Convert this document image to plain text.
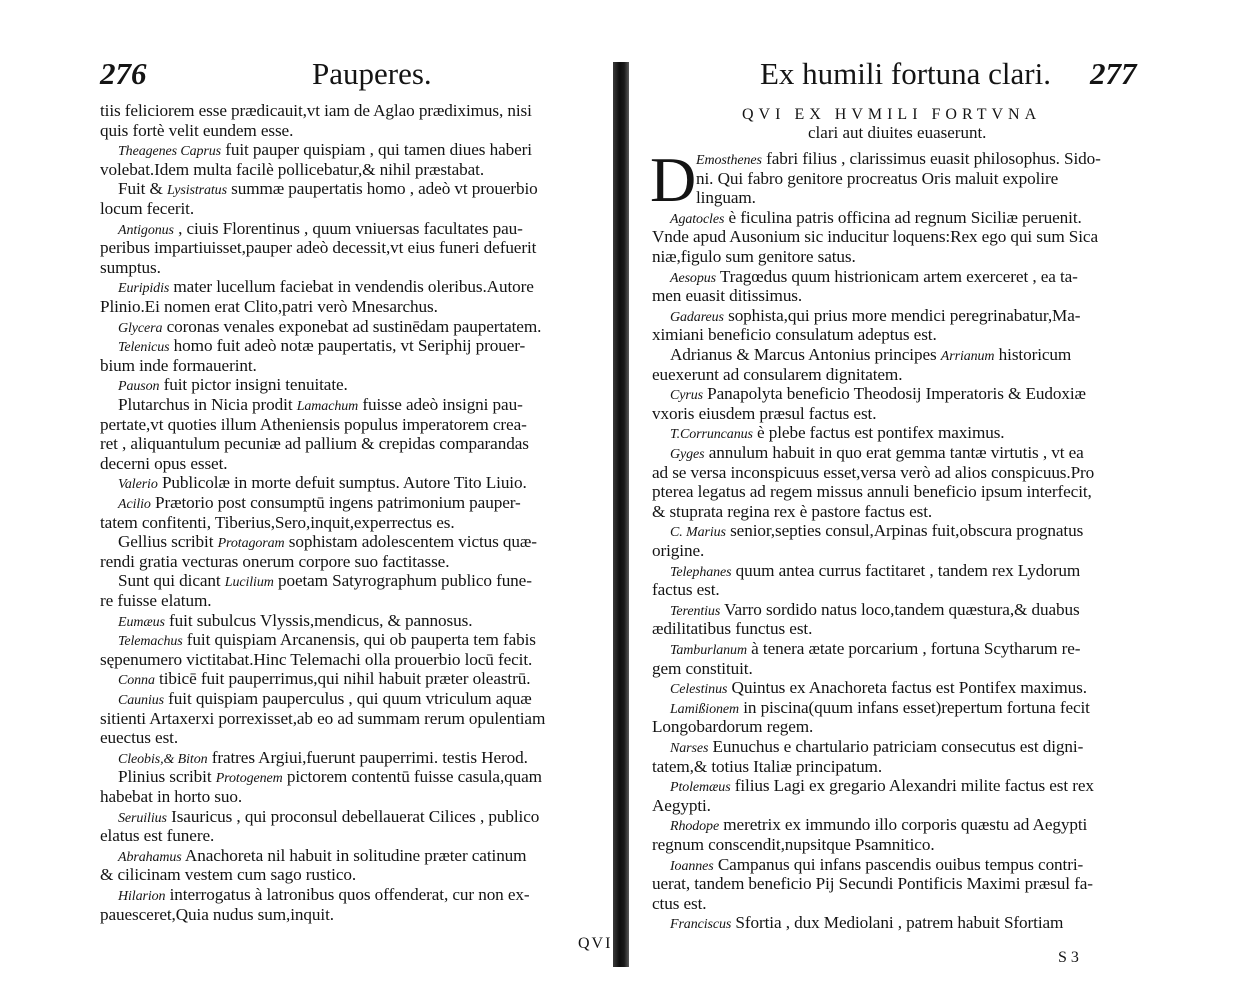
276	Pauperes.
tiis feliciorem esse prædicauit,vt iam de Aglao prædiximus, nisi
quis fortè velit eundem esse.
Theagenes Caprus fuit pauper quispiam , qui tamen diues haberi
volebat.Idem multa facilè pollicebatur,& nihil præstabat.
Fuit & Lysistratus summæ paupertatis homo , adeò vt prouerbio
locum fecerit.
Antigonus , ciuis Florentinus , quum vniuersas facultates pau-
peribus impartiuisset,pauper adeò decessit,vt eius funeri defuerit
sumptus.
Euripidis mater lucellum faciebat in vendendis oleribus.Autore
Plinio.Ei nomen erat Clito,patri verò Mnesarchus.
Glycera coronas venales exponebat ad sustinēdam paupertatem.
Telenicus homo fuit adeò notæ paupertatis, vt Seriphij prouer-
bium inde formauerint.
Pauson fuit pictor insigni tenuitate.
Plutarchus in Nicia prodit Lamachum fuisse adeò insigni pau-
pertate,vt quoties illum Atheniensis populus imperatorem crea-
ret , aliquantulum pecuniæ ad pallium & crepidas comparandas
decerni opus esset.
Valerio Publicolæ in morte defuit sumptus. Autore Tito Liuio.
Acilio Prætorio post consumptū ingens patrimonium pauper-
tatem confitenti, Tiberius,Sero,inquit,experrectus es.
Gellius scribit Protagoram sophistam adolescentem victus quæ-
rendi gratia vecturas onerum corpore suo factitasse.
Sunt qui dicant Lucilium poetam Satyrographum publico fune-
re fuisse elatum.
Eumæus fuit subulcus Vlyssis,mendicus, & pannosus.
Telemachus fuit quispiam Arcanensis, qui ob pauperta tem fabis
sępenumero victitabat.Hinc Telemachi olla prouerbio locū fecit.
Conna tibicē fuit pauperrimus,qui nihil habuit præter oleastrū.
Caunius fuit quispiam pauperculus , qui quum vtriculum aquæ
sitienti Artaxerxi porrexisset,ab eo ad summam rerum opulentiam
euectus est.
Cleobis,& Biton fratres Argiui,fuerunt pauperrimi. testis Herod.
Plinius scribit Protogenem pictorem contentū fuisse casula,quam
habebat in horto suo.
Seruilius Isauricus , qui proconsul debellauerat Cilices , publico
elatus est funere.
Abrahamus Anachoreta nil habuit in solitudine præter catinum
& cilicinam vestem cum sago rustico.
Hilarion interrogatus à latronibus quos offenderat, cur non ex-
pauesceret,Quia nudus sum,inquit.
QVI
Ex humili fortuna clari. 277
QVI EX HVMILI FORTVNA
clari aut diuites euaserunt.
Emosthenes fabri filius , clarissimus euasit philosophus. Sido-
ni. Qui fabro genitore procreatus Oris maluit expolire
linguam.
Agatocles è ficulina patris officina ad regnum Siciliæ peruenit.
Vnde apud Ausonium sic inducitur loquens:Rex ego qui sum Sica
niæ,figulo sum genitore satus.
Aesopus Tragœdus quum histrionicam artem exerceret , ea ta-
men euasit ditissimus.
Gadareus sophista,qui prius more mendici peregrinabatur,Ma-
ximiani beneficio consulatum adeptus est.
Adrianus & Marcus Antonius principes Arrianum historicum
euexerunt ad consularem dignitatem.
Cyrus Panapolyta beneficio Theodosij Imperatoris & Eudoxiæ
vxoris eiusdem præsul factus est.
T.Corruncanus è plebe factus est pontifex maximus.
Gyges annulum habuit in quo erat gemma tantæ virtutis , vt ea
ad se versa inconspicuus esset,versa verò ad alios conspicuus.Pro
pterea legatus ad regem missus annuli beneficio ipsum interfecit,
& stuprata regina rex è pastore factus est.
C. Marius senior,septies consul,Arpinas fuit,obscura prognatus
origine.
Telephanes quum antea currus factitaret , tandem rex Lydorum
factus est.
Terentius Varro sordido natus loco,tandem quæstura,& duabus
ædilitatibus functus est.
Tamburlanum à tenera ætate porcarium , fortuna Scytharum re-
gem constituit.
Celestinus Quintus ex Anachoreta factus est Pontifex maximus.
Lamißionem in piscina(quum infans esset)repertum fortuna fecit
Longobardorum regem.
Narses Eunuchus e chartulario patriciam consecutus est digni-
tatem,& totius Italiæ principatum.
Ptolemæus filius Lagi ex gregario Alexandri milite factus est rex
Aegypti.
Rhodope meretrix ex immundo illo corporis quæstu ad Aegypti
regnum conscendit,nupsitque Psamnitico.
Ioannes Campanus qui infans pascendis ouibus tempus contri-
uerat, tandem beneficio Pij Secundi Pontificis Maximi præsul fa-
ctus est.
Franciscus Sfortia , dux Mediolani , patrem habuit Sfortiam
S 3
D
